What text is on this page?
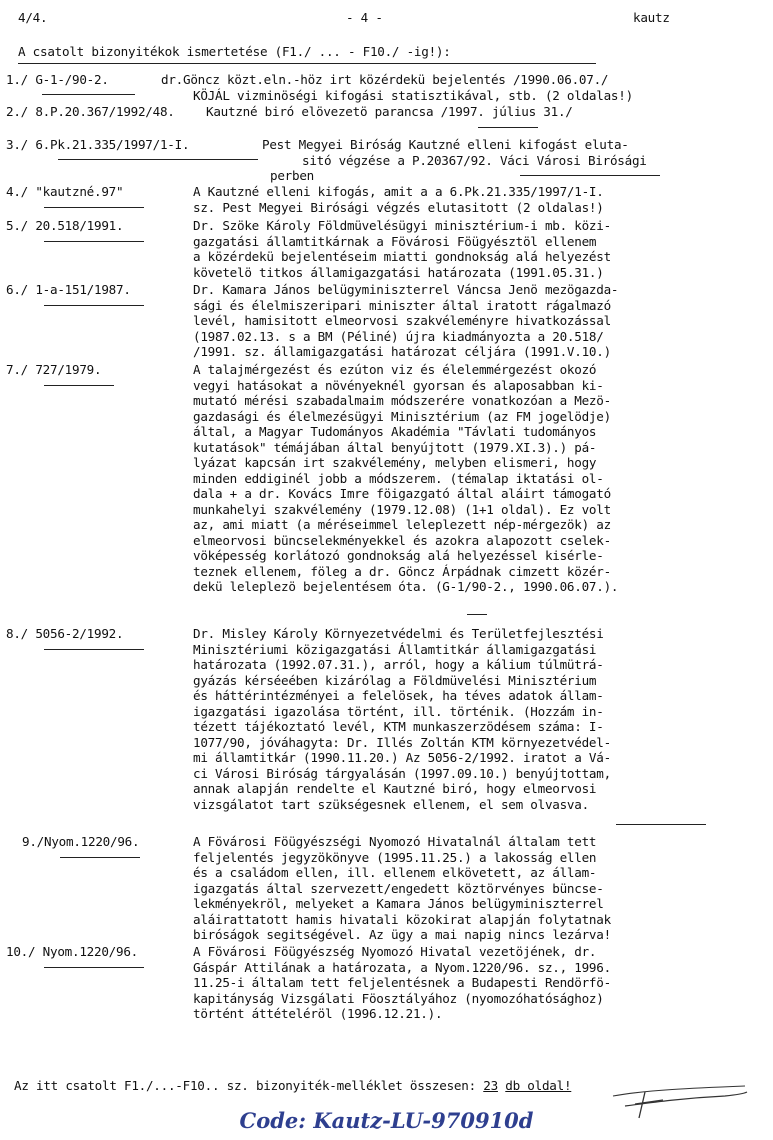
4/4.	- 4 -	kautz
A csatolt bizonyitékok ismertetése (F1./ ... - F10./ -ig!):
1./ G-1-/90-2.	dr.Göncz közt.eln.-höz irt közérdekü bejelentés /1990.06.07./
KÖJÁL vizminöségi kifogási statisztikával, stb. (2 oldalas!)
2./ 8.P.20.367/1992/48. Kautzné biró elövezetö parancsa /1997. július 31./
3./ 6.Pk.21.335/1997/1-I.	Pest Megyei Biróság Kautzné elleni kifogást eluta-
sitó végzése a P.20367/92. Váci Városi Birósági
perben
4./ "kautzné.97"	A Kautzné elleni kifogás, amit a a 6.Pk.21.335/1997/1-I.
sz. Pest Megyei Birósági végzés elutasitott (2 oldalas!)
5./ 20.518/1991.	Dr. Szöke Károly Földmüvelésügyi minisztérium-i mb. közi-
gazgatási államtitkárnak a Fövárosi Föügyésztöl ellenem
a közérdekü bejelentéseim miatti gondnokság alá helyezést
követelö titkos államigazgatási határozata (1991.05.31.)
6./ 1-a-151/1987.	Dr. Kamara János belügyminiszterrel Váncsa Jenö mezögazda-
sági és élelmiszeripari miniszter által iratott rágalmazó
levél, hamisitott elmeorvosi szakvéleményre hivatkozással
(1987.02.13. s a BM (Péliné) újra kiadmányozta a 20.518/
/1991. sz. államigazgatási határozat céljára (1991.V.10.)
7./ 727/1979.	A talajmérgezést és ezúton viz és élelemmérgezést okozó
vegyi hatásokat a növényeknél gyorsan és alaposabban ki-
mutató mérési szabadalmaim módszerére vonatkozóan a Mezö-
gazdasági és élelmezésügyi Minisztérium (az FM jogelödje)
által, a Magyar Tudományos Akadémia "Távlati tudományos
kutatások" témájában által benyújtott (1979.XI.3).) pá-
lyázat kapcsán irt szakvélemény, melyben elismeri, hogy
minden eddiginél jobb a módszerem. (témalap iktatási ol-
dala + a dr. Kovács Imre föigazgató által aláirt támogató
munkahelyi szakvélemény (1979.12.08) (1+1 oldal). Ez volt
az, ami miatt (a méréseimmel leleplezett nép-mérgezök) az
elmeorvosi büncselekményekkel és azokra alapozott cselek-
vöképesség korlátozó gondnokság alá helyezéssel kisérle-
teznek ellenem, föleg a dr. Göncz Árpádnak cimzett közér-
dekü leleplezö bejelentésem óta. (G-1/90-2., 1990.06.07.).
8./ 5056-2/1992.	Dr. Misley Károly Környezetvédelmi és Területfejlesztési
Minisztériumi közigazgatási Államtitkár államigazgatási
határozata (1992.07.31.), arról, hogy a kálium túlmütrá-
gyázás kérséeében kizárólag a Földmüvelési Minisztérium
és háttérintézményei a felelösek, ha téves adatok állam-
igazgatási igazolása történt, ill. történik. (Hozzám in-
tézett tájékoztató levél, KTM munkaszerzödésem száma: I-
1077/90, jóváhagyta: Dr. Illés Zoltán KTM környezetvédel-
mi államtitkár (1990.11.20.) Az 5056-2/1992. iratot a Vá-
ci Városi Biróság tárgyalásán (1997.09.10.) benyújtottam,
annak alapján rendelte el Kautzné biró, hogy elmeorvosi
vizsgálatot tart szükségesnek ellenem, el sem olvasva.
9./Nyom.1220/96.	A Fövárosi Föügyészségi Nyomozó Hivatalnál általam tett
feljelentés jegyzökönyve (1995.11.25.) a lakosság ellen
és a családom ellen, ill. ellenem elkövetett, az állam-
igazgatás által szervezett/engedett köztörvényes büncse-
lekményekröl, melyeket a Kamara János belügyminiszterrel
aláirattatott hamis hivatali közokirat alapján folytatnak
biróságok segitségével. Az ügy a mai napig nincs lezárva!
10./ Nyom.1220/96.	A Fövárosi Föügyészség Nyomozó Hivatal vezetöjének, dr.
Gáspár Attilának a határozata, a Nyom.1220/96. sz., 1996.
11.25-i általam tett feljelentésnek a Budapesti Rendörfö-
kapitányság Vizsgálati Föosztályához (nyomozóhatósághoz)
történt áttételéröl (1996.12.21.).
Az itt csatolt F1./...-F10.. sz. bizonyiték-melléklet összesen: 23 db oldal!
Code: Kautz-LU-970910d
